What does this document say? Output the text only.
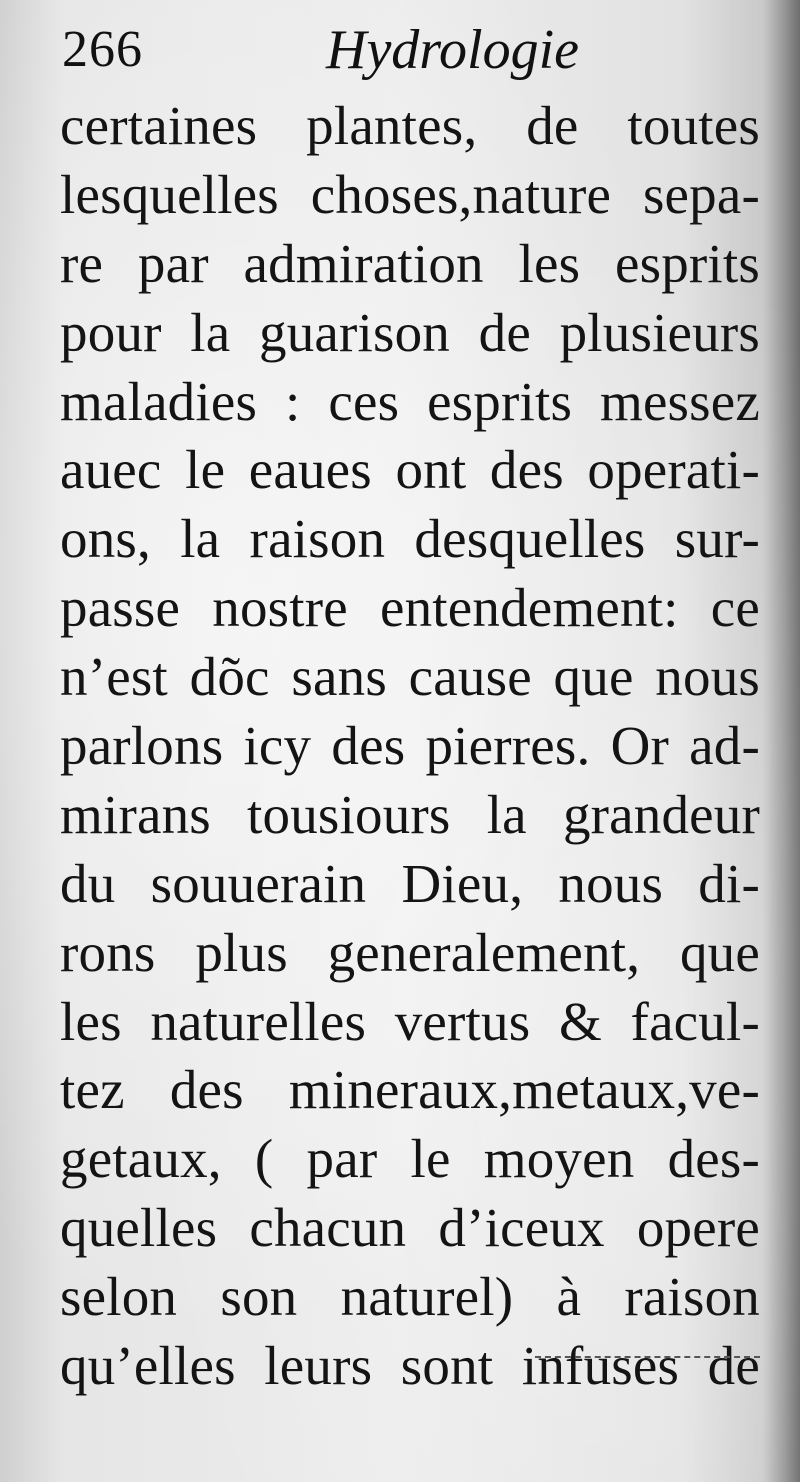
266	Hydrologie
certaines plantes, de toutes
lesquelles choses,nature sepa-
re par admiration les esprits
pour la guarison de plusieurs
maladies : ces esprits messez
auec le eaues ont des operati-
ons, la raison desquelles sur-
passe nostre entendement: ce
n’est dõc sans cause que nous
parlons icy des pierres. Or ad-
mirans tousiours la grandeur
du souuerain Dieu, nous di-
rons plus generalement, que
les naturelles vertus & facul-
tez des mineraux,metaux,ve-
getaux, ( par le moyen des-
quelles chacun d’iceux opere
selon son naturel) à raison
qu’elles leurs sont infuses de
